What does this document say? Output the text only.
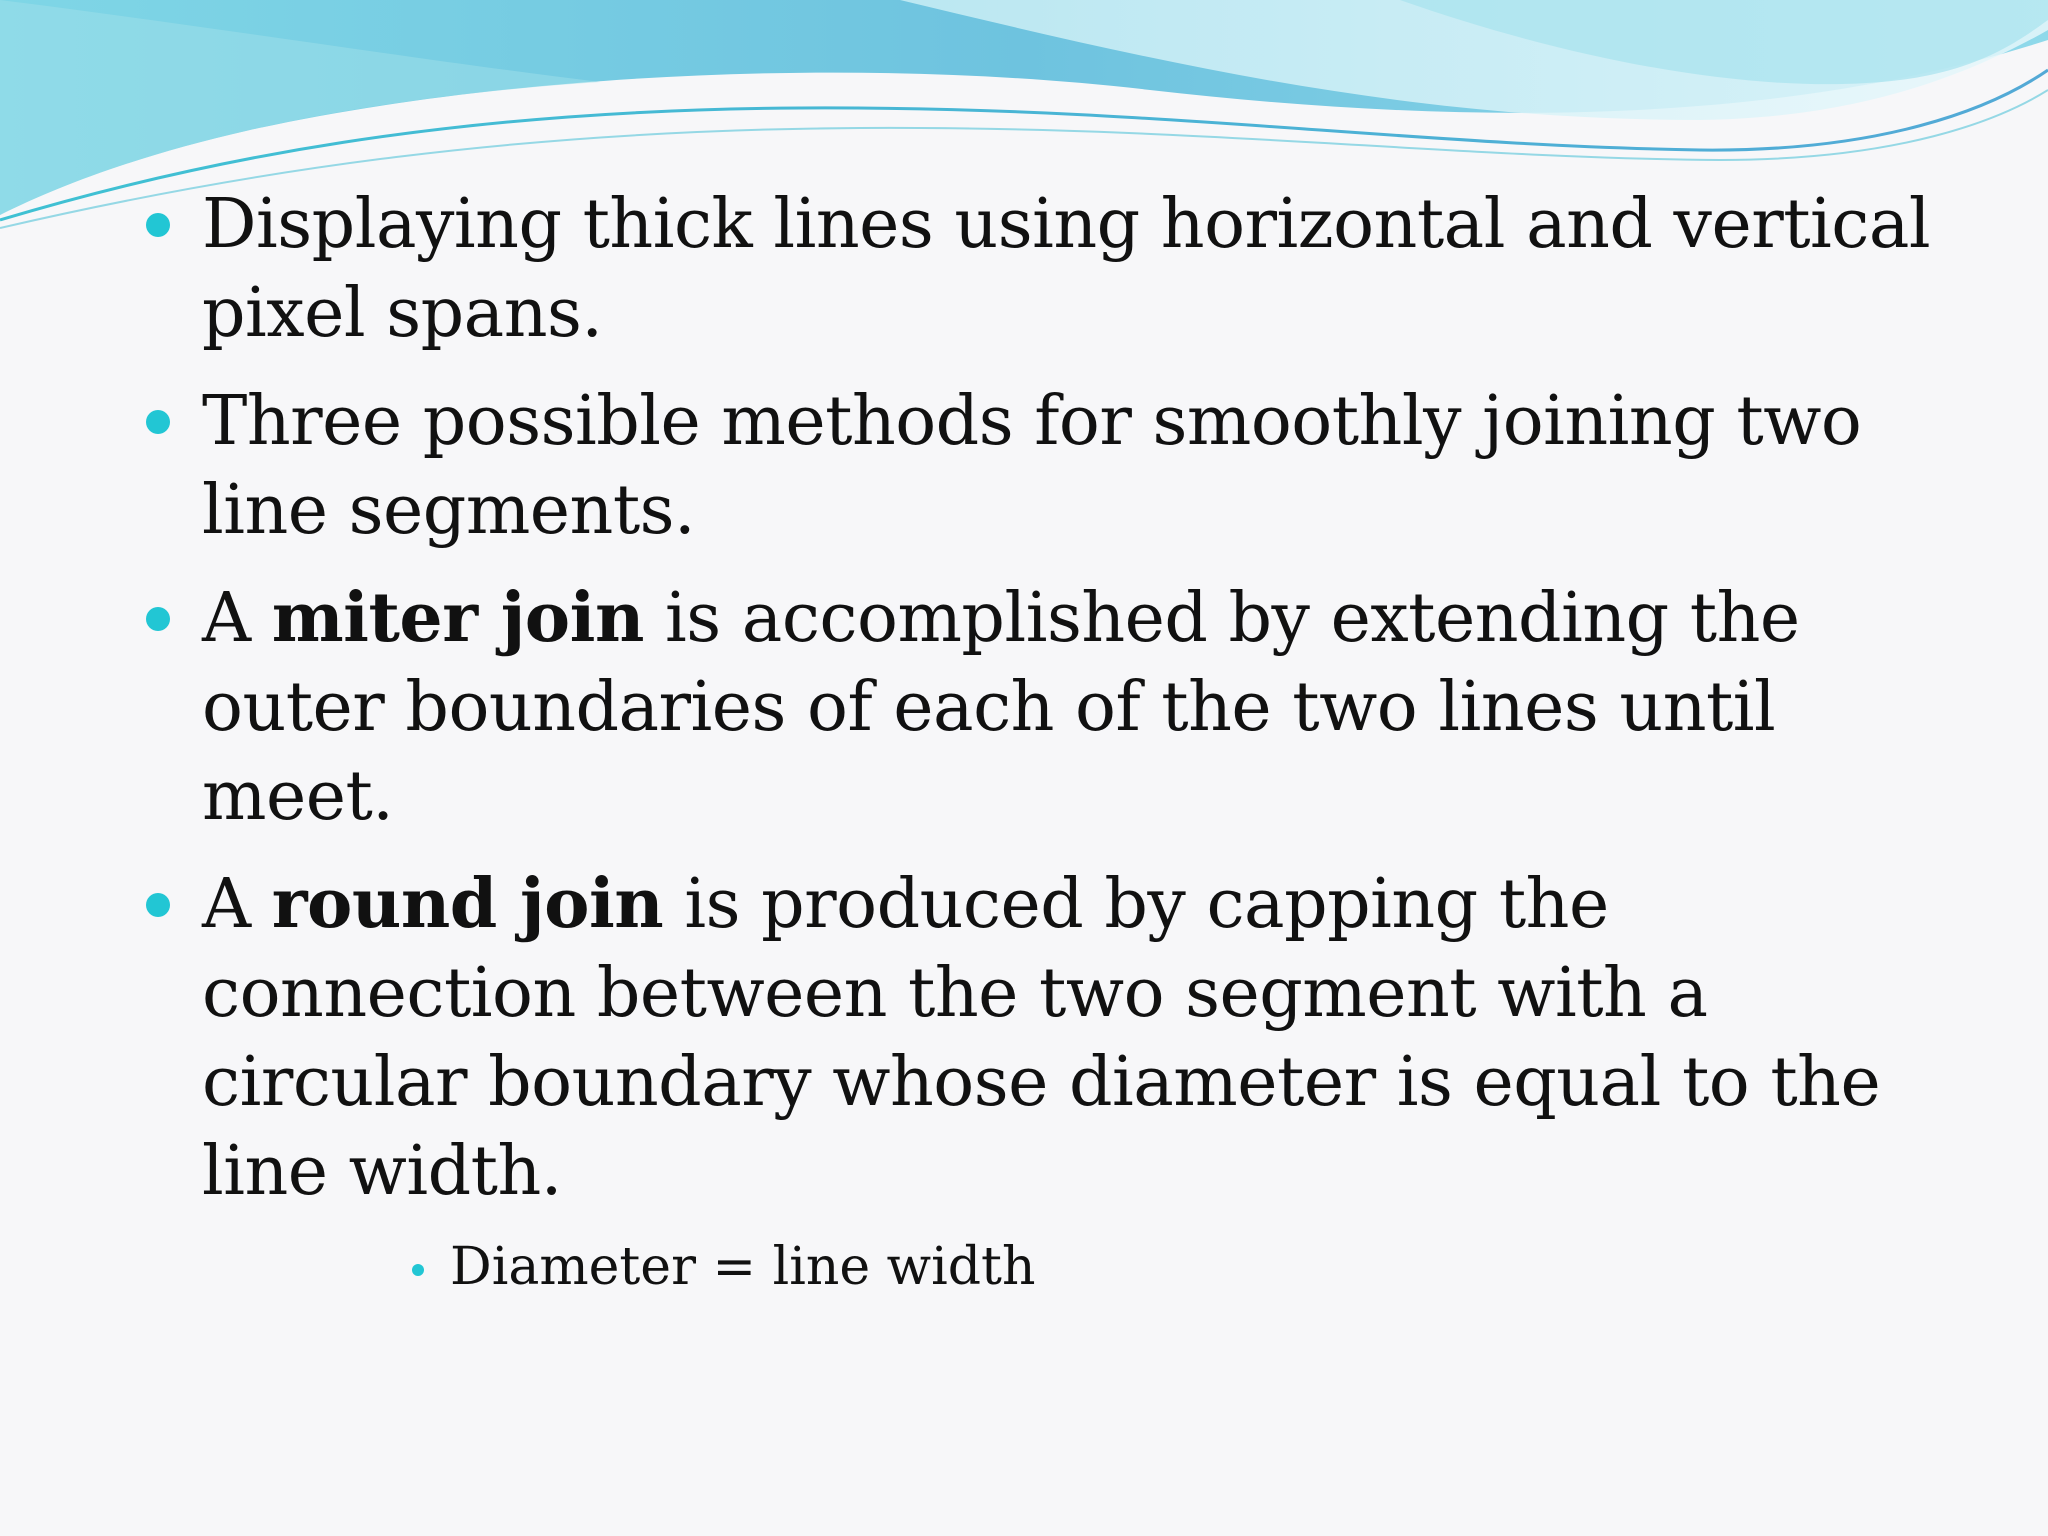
Displaying thick lines using horizontal and vertical pixel spans.
Three possible methods for smoothly joining two line segments.
A miter join is accomplished by extending the outer boundaries of each of the two lines until meet.
A round join is produced by capping the connection between the two segment with a circular boundary whose diameter is equal to the line width.
Diameter = line width
